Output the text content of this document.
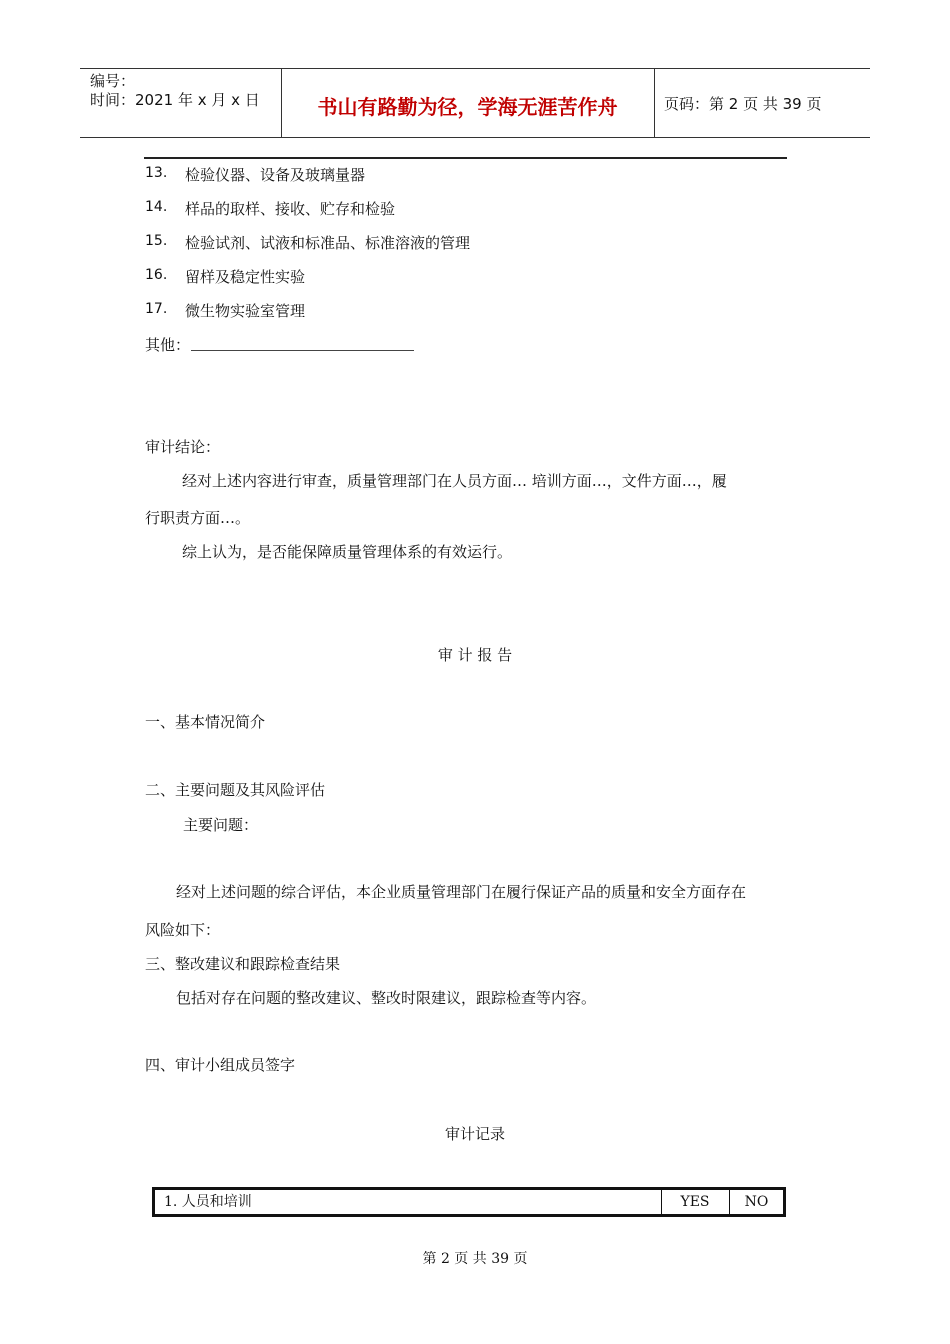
编号：
时间：2021 年 x 月 x 日	书山有路勤为径，学海无涯苦作舟	页码：第 2 页 共 39 页
13. 检验仪器、设备及玻璃量器
14. 样品的取样、接收、贮存和检验
15. 检验试剂、试液和标准品、标准溶液的管理
16. 留样及稳定性实验
17. 微生物实验室管理
其他：
审计结论：
经对上述内容进行审查，质量管理部门在人员方面… 培训方面…，文件方面…，履
行职责方面…。
综上认为，是否能保障质量管理体系的有效运行。
审 计 报 告
一、基本情况简介
二、主要问题及其风险评估
主要问题：
经对上述问题的综合评估，本企业质量管理部门在履行保证产品的质量和安全方面存在
风险如下：
三、整改建议和跟踪检查结果
包括对存在问题的整改建议、整改时限建议，跟踪检查等内容。
四、审计小组成员签字
审计记录
1. 人员和培训	YES	NO
第 2 页 共 39 页
